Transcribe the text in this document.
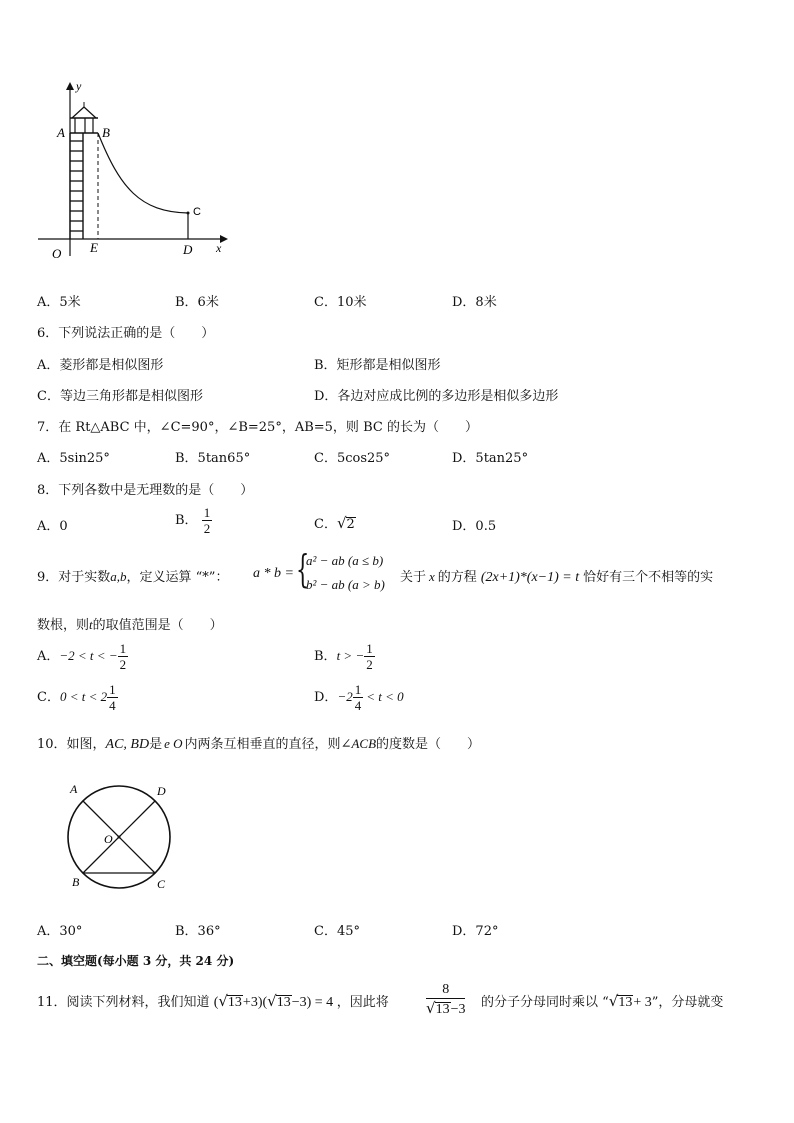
y
x
O
A	B
C
D
E
A．5米	B．6米	C．10米	D．8米
6．下列说法正确的是（　　）
A．菱形都是相似图形	B．矩形都是相似图形
C．等边三角形都是相似图形	D．各边对应成比例的多边形是相似多边形
7．在 Rt△ABC 中，∠C=90°，∠B=25°，AB=5，则 BC 的长为（　　）
A．5sin25°	B．5tan65°	C．5cos25°	D．5tan25°
8．下列各数中是无理数的是（　　）
A．0	B． $\frac{1}{2}$	C．√2	D．0.5
9．对于实数a,b，定义运算 “*”： a * b = {
a² − ab (a ≤ b)
b² − ab (a > b) 关于 x 的方程 (2x+1)*(x−1) = t 恰好有三个不相等的实
数根，则t的取值范围是（　　）
A．−2 < t < − $\frac{1}{2}$	B．t > − $\frac{1}{2}$
C．$0 < t < 2 \frac{1}{4}$	D．$-2 \frac{1}{4} < t < 0$
10．如图，AC, BD是 e O 内两条互相垂直的直径，则∠ACB的度数是（　　）
A	D
O
B	C
A．30°	B．36°	C．45°	D．72°
二、填空题(每小题 3 分，共 24 分)
11．阅读下列材料，我们知道 (√13+3)(√13−3) = 4 ，因此将	$\frac{8}{√13-3}$ 的分子分母同时乘以 “√13+ 3”，分母就变
